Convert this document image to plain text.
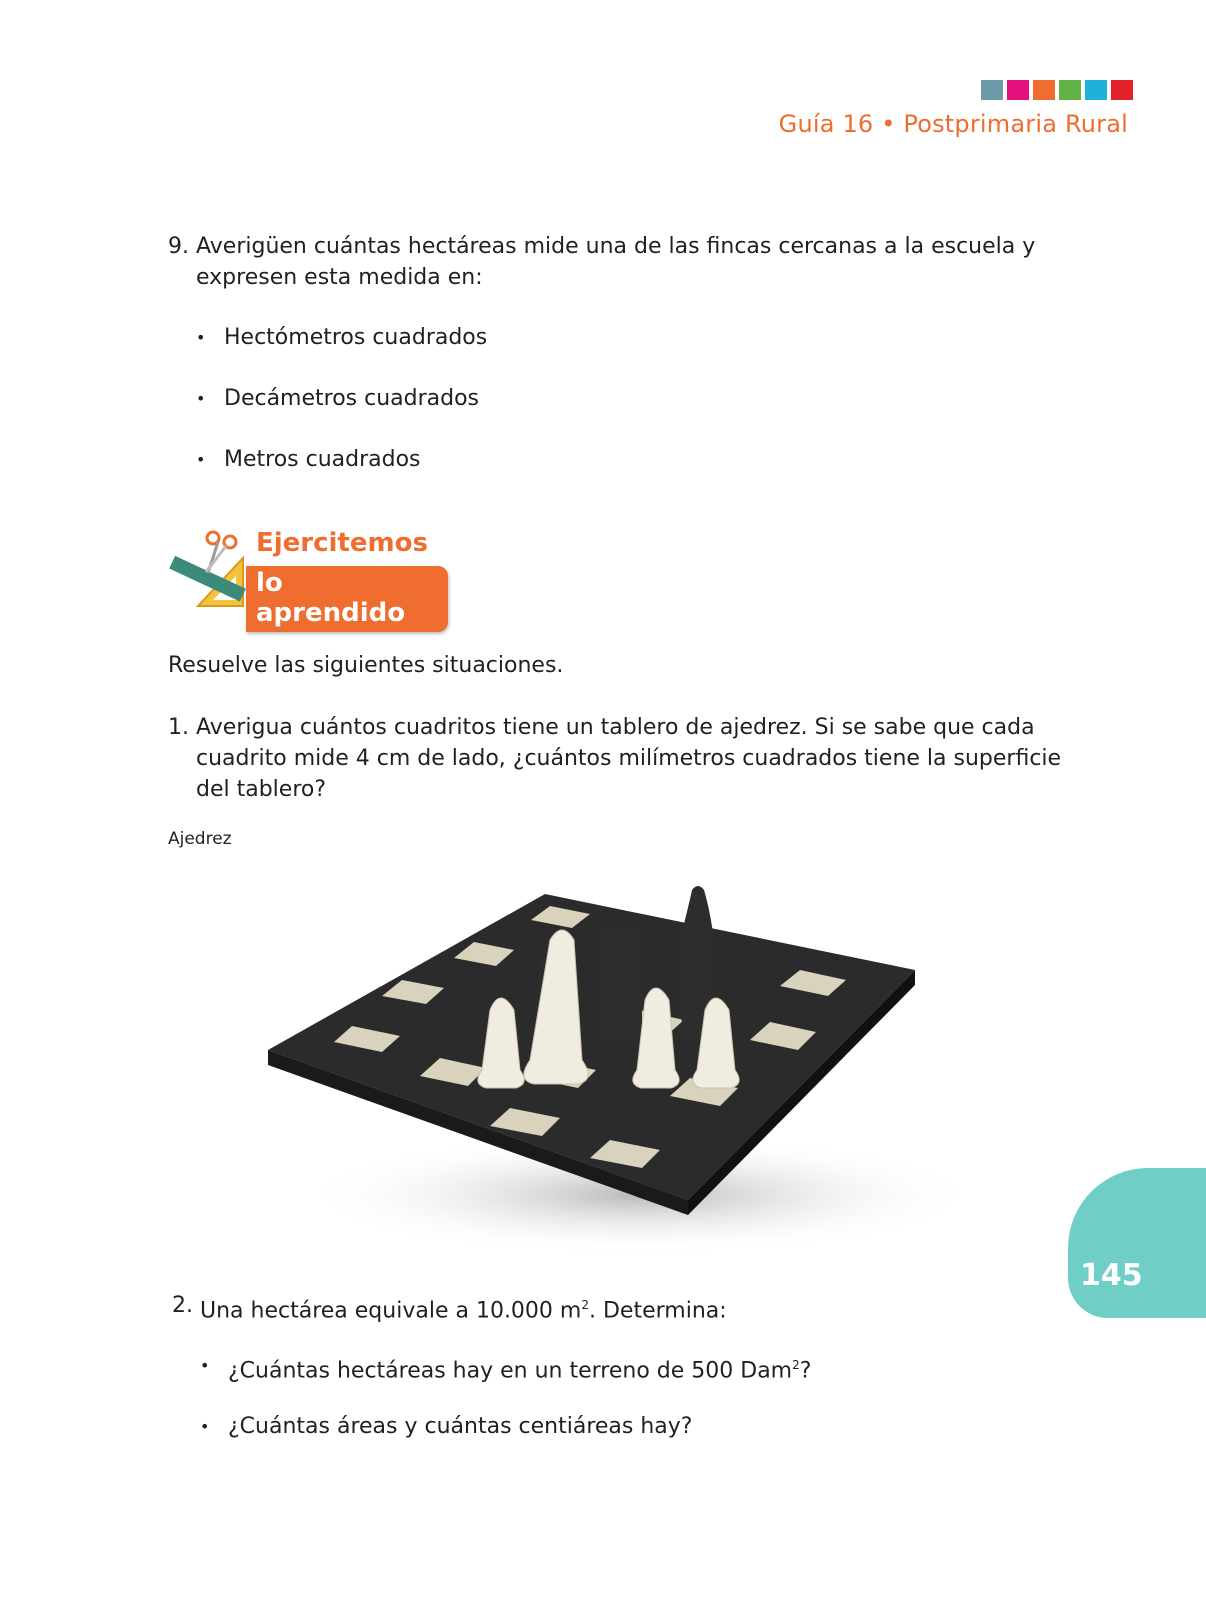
Guía 16 • Postprimaria Rural
9. Averigüen cuántas hectáreas mide una de las fincas cercanas a la escuela y expresen esta medida en:
• Hectómetros cuadrados
• Decámetros cuadrados
• Metros cuadrados
Ejercitemos
lo aprendido
Resuelve las siguientes situaciones.
1. Averigua cuántos cuadritos tiene un tablero de ajedrez. Si se sabe que cada cuadrito mide 4 cm de lado, ¿cuántos milímetros cuadrados tiene la superficie del tablero?
Ajedrez
2. Una hectárea equivale a 10.000 $m^2$. Determina:
• ¿Cuántas hectáreas hay en un terreno de 500 Dam$^2$?
• ¿Cuántas áreas y cuántas centiáreas hay?
145
